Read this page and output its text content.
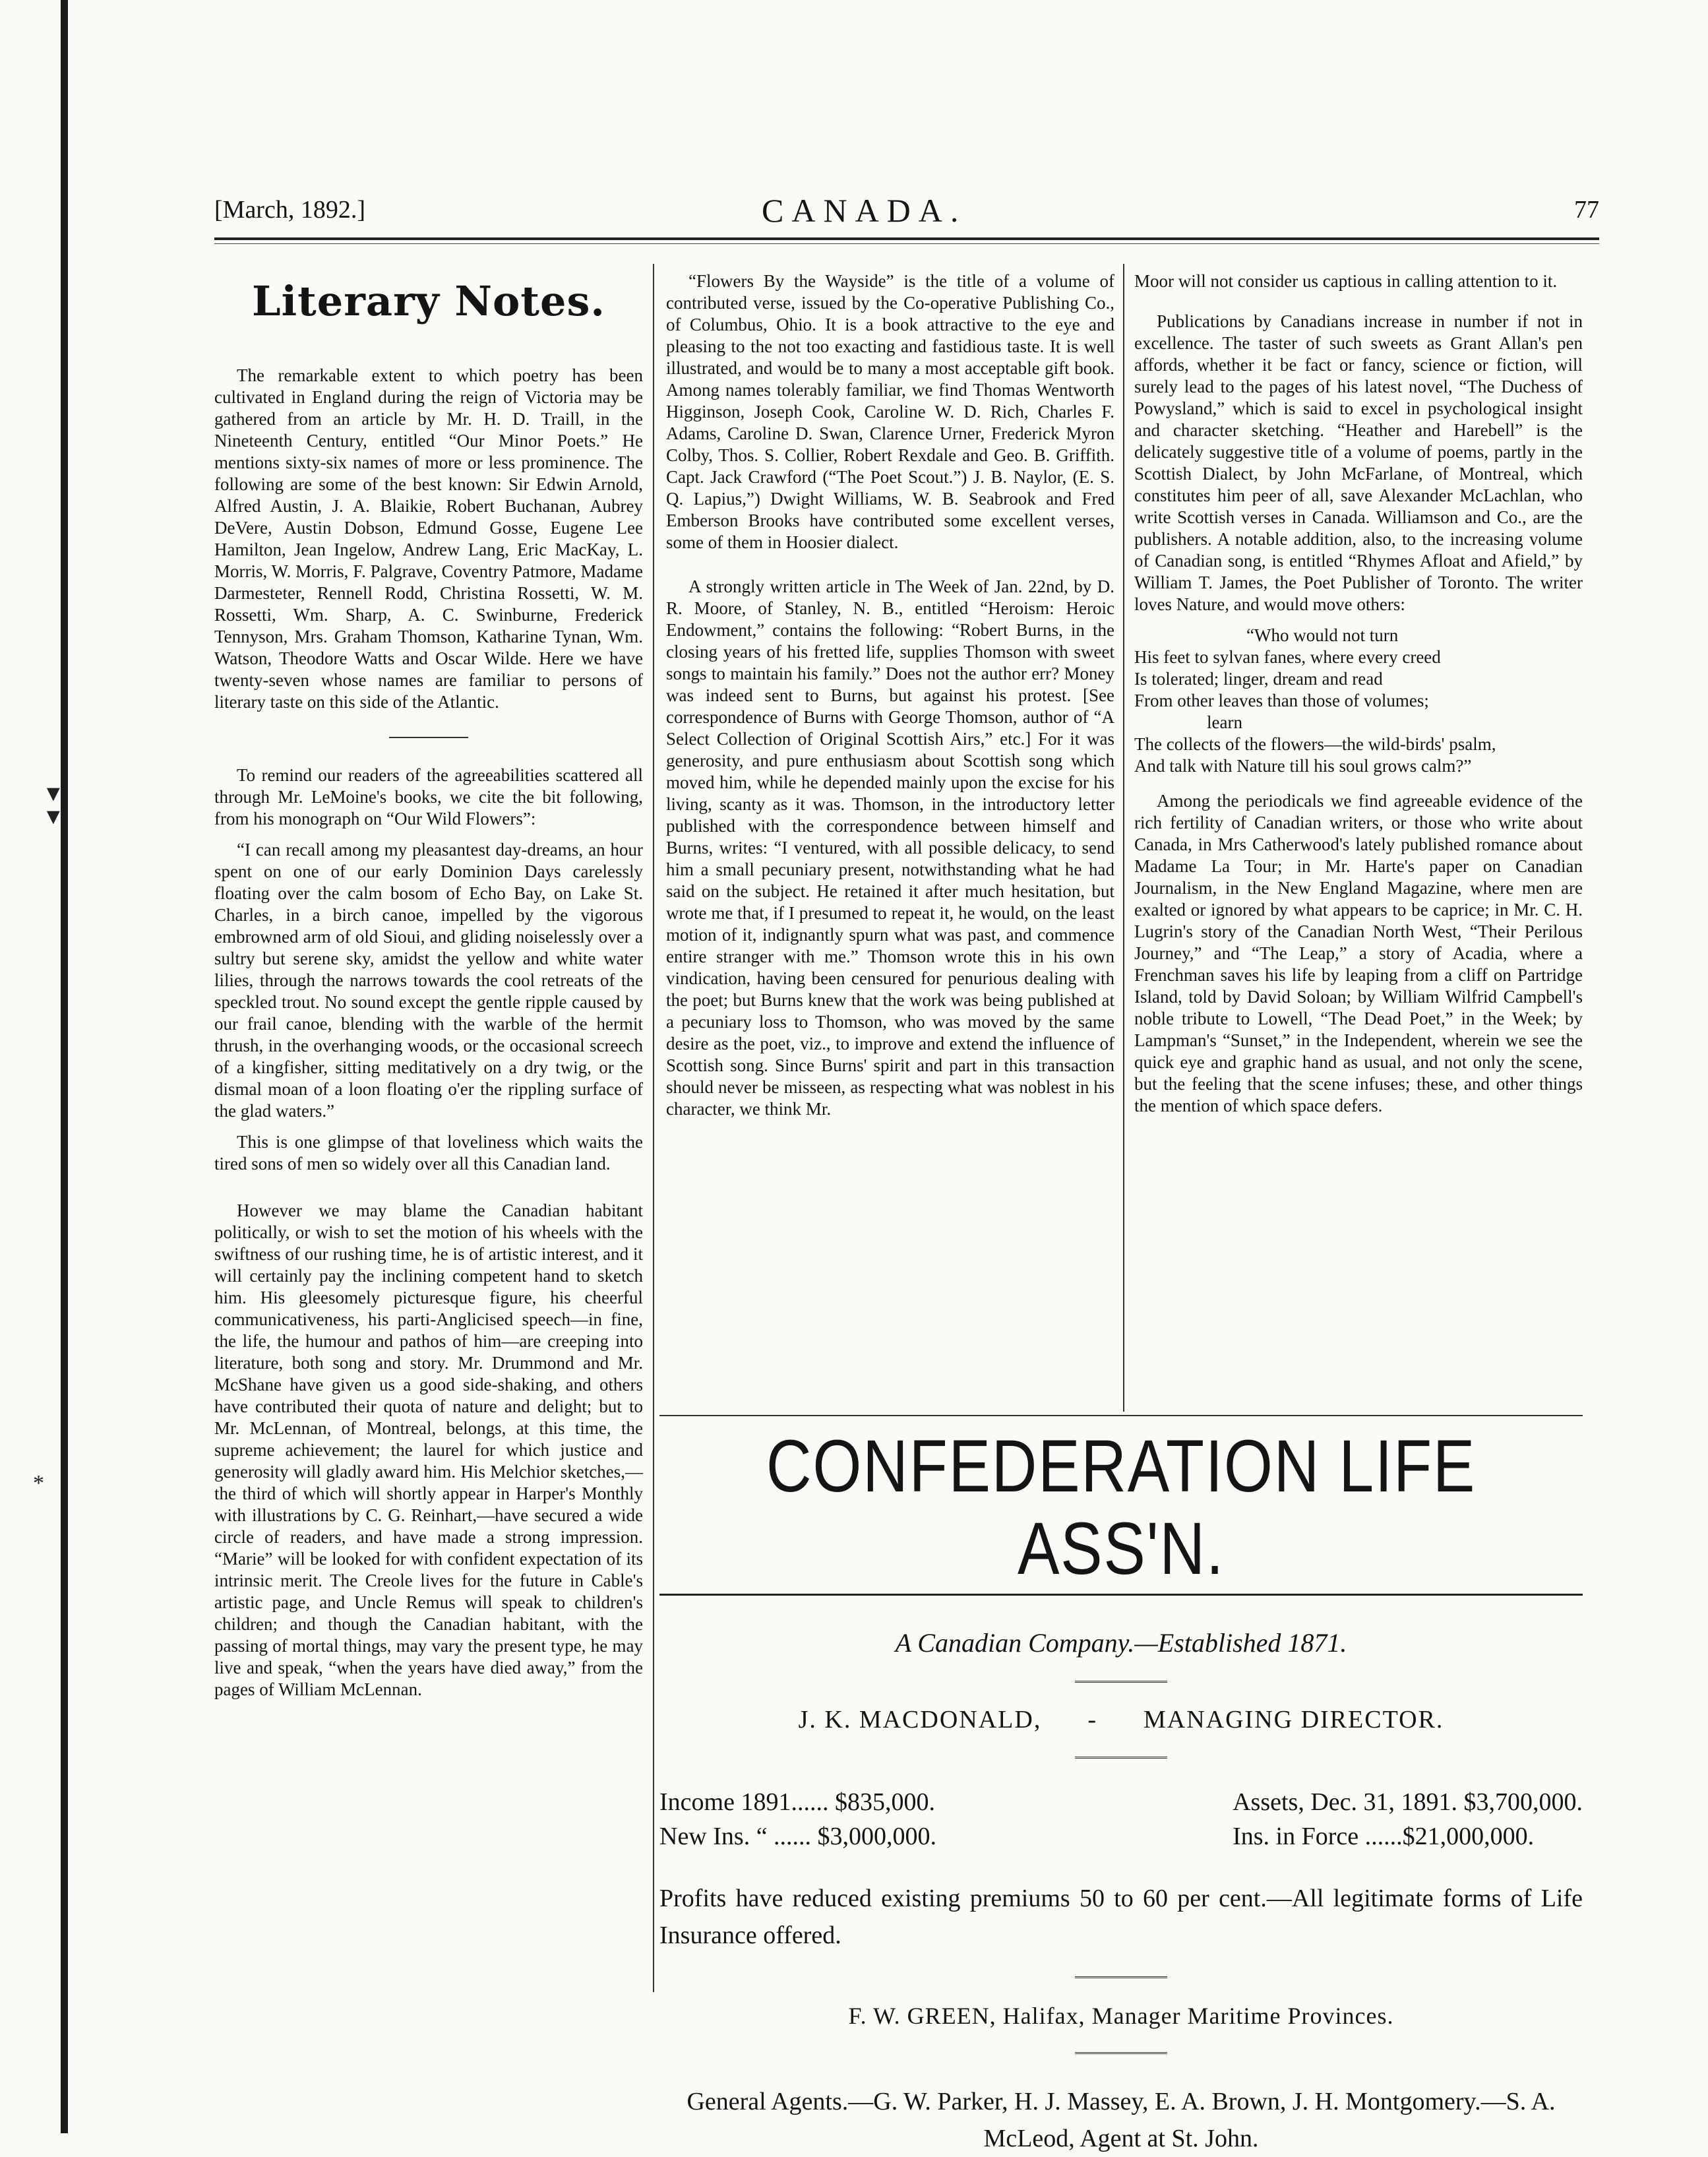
▼
▼
*
[March, 1892.]	CANADA.	77
Literary Notes.

The remarkable extent to which poetry has been cultivated in England during the reign of Victoria may be gathered from an article by Mr. H. D. Traill, in the Nineteenth Century, entitled “Our Minor Poets.” He mentions sixty-six names of more or less prominence. The following are some of the best known: Sir Edwin Arnold, Alfred Austin, J. A. Blaikie, Robert Buchanan, Aubrey DeVere, Austin Dobson, Edmund Gosse, Eugene Lee Hamilton, Jean Ingelow, Andrew Lang, Eric MacKay, L. Morris, W. Morris, F. Palgrave, Coventry Patmore, Madame Darmesteter, Rennell Rodd, Christina Rossetti, W. M. Rossetti, Wm. Sharp, A. C. Swinburne, Frederick Tennyson, Mrs. Graham Thomson, Katharine Tynan, Wm. Watson, Theodore Watts and Oscar Wilde. Here we have twenty-seven whose names are familiar to persons of literary taste on this side of the Atlantic.

To remind our readers of the agreeabilities scattered all through Mr. LeMoine's books, we cite the bit following, from his monograph on “Our Wild Flowers”:

“I can recall among my pleasantest day-dreams, an hour spent on one of our early Dominion Days carelessly floating over the calm bosom of Echo Bay, on Lake St. Charles, in a birch canoe, impelled by the vigorous embrowned arm of old Sioui, and gliding noiselessly over a sultry but serene sky, amidst the yellow and white water lilies, through the narrows towards the cool retreats of the speckled trout. No sound except the gentle ripple caused by our frail canoe, blending with the warble of the hermit thrush, in the overhanging woods, or the occasional screech of a kingfisher, sitting meditatively on a dry twig, or the dismal moan of a loon floating o'er the rippling surface of the glad waters.”

This is one glimpse of that loveliness which waits the tired sons of men so widely over all this Canadian land.

However we may blame the Canadian habitant politically, or wish to set the motion of his wheels with the swiftness of our rushing time, he is of artistic interest, and it will certainly pay the inclining competent hand to sketch him. His gleesomely picturesque figure, his cheerful communicativeness, his parti-Anglicised speech—in fine, the life, the humour and pathos of him—are creeping into literature, both song and story. Mr. Drummond and Mr. McShane have given us a good side-shaking, and others have contributed their quota of nature and delight; but to Mr. McLennan, of Montreal, belongs, at this time, the supreme achievement; the laurel for which justice and generosity will gladly award him. His Melchior sketches,—the third of which will shortly appear in Harper's Monthly with illustrations by C. G. Reinhart,—have secured a wide circle of readers, and have made a strong impression. “Marie” will be looked for with confident expectation of its intrinsic merit. The Creole lives for the future in Cable's artistic page, and Uncle Remus will speak to children's children; and though the Canadian habitant, with the passing of mortal things, may vary the present type, he may live and speak, “when the years have died away,” from the pages of William McLennan.

“Flowers By the Wayside” is the title of a volume of contributed verse, issued by the Co-operative Publishing Co., of Columbus, Ohio. It is a book attractive to the eye and pleasing to the not too exacting and fastidious taste. It is well illustrated, and would be to many a most acceptable gift book. Among names tolerably familiar, we find Thomas Wentworth Higginson, Joseph Cook, Caroline W. D. Rich, Charles F. Adams, Caroline D. Swan, Clarence Urner, Frederick Myron Colby, Thos. S. Collier, Robert Rexdale and Geo. B. Griffith. Capt. Jack Crawford (“The Poet Scout.”) J. B. Naylor, (E. S. Q. Lapius,”) Dwight Williams, W. B. Seabrook and Fred Emberson Brooks have contributed some excellent verses, some of them in Hoosier dialect.

A strongly written article in The Week of Jan. 22nd, by D. R. Moore, of Stanley, N. B., entitled “Heroism: Heroic Endowment,” contains the following: “Robert Burns, in the closing years of his fretted life, supplies Thomson with sweet songs to maintain his family.” Does not the author err? Money was indeed sent to Burns, but against his protest. [See correspondence of Burns with George Thomson, author of “A Select Collection of Original Scottish Airs,” etc.] For it was generosity, and pure enthusiasm about Scottish song which moved him, while he depended mainly upon the excise for his living, scanty as it was. Thomson, in the introductory letter published with the correspondence between himself and Burns, writes: “I ventured, with all possible delicacy, to send him a small pecuniary present, notwithstanding what he had said on the subject. He retained it after much hesitation, but wrote me that, if I presumed to repeat it, he would, on the least motion of it, indignantly spurn what was past, and commence entire stranger with me.” Thomson wrote this in his own vindication, having been censured for penurious dealing with the poet; but Burns knew that the work was being published at a pecuniary loss to Thomson, who was moved by the same desire as the poet, viz., to improve and extend the influence of Scottish song. Since Burns' spirit and part in this transaction should never be misseen, as respecting what was noblest in his character, we think Mr.

Moor will not consider us captious in calling attention to it.

Publications by Canadians increase in number if not in excellence. The taster of such sweets as Grant Allan's pen affords, whether it be fact or fancy, science or fiction, will surely lead to the pages of his latest novel, “The Duchess of Powysland,” which is said to excel in psychological insight and character sketching. “Heather and Harebell” is the delicately suggestive title of a volume of poems, partly in the Scottish Dialect, by John McFarlane, of Montreal, which constitutes him peer of all, save Alexander McLachlan, who write Scottish verses in Canada. Williamson and Co., are the publishers. A notable addition, also, to the increasing volume of Canadian song, is entitled “Rhymes Afloat and Afield,” by William T. James, the Poet Publisher of Toronto. The writer loves Nature, and would move others:

“Who would not turn

His feet to sylvan fanes, where every creed

Is tolerated; linger, dream and read

From other leaves than those of volumes;

learn

The collects of the flowers—the wild-birds' psalm,

And talk with Nature till his soul grows calm?”

Among the periodicals we find agreeable evidence of the rich fertility of Canadian writers, or those who write about Canada, in Mrs Catherwood's lately published romance about Madame La Tour; in Mr. Harte's paper on Canadian Journalism, in the New England Magazine, where men are exalted or ignored by what appears to be caprice; in Mr. C. H. Lugrin's story of the Canadian North West, “Their Perilous Journey,” and “The Leap,” a story of Acadia, where a Frenchman saves his life by leaping from a cliff on Partridge Island, told by David Soloan; by William Wilfrid Campbell's noble tribute to Lowell, “The Dead Poet,” in the Week; by Lampman's “Sunset,” in the Independent, wherein we see the quick eye and graphic hand as usual, and not only the scene, but the feeling that the scene infuses; these, and other things the mention of which space defers.

CONFEDERATION LIFE ASS'N.

A Canadian Company.—Established 1871.

J. K. MACDONALD, - MANAGING DIRECTOR.
Income 1891...... $835,000.
New Ins. “ ...... $3,000,000.
Assets, Dec. 31, 1891. $3,700,000.
Ins. in Force ......$21,000,000.

Profits have reduced existing premiums 50 to 60 per cent.—All legitimate forms of Life Insurance offered.

F. W. GREEN, Halifax, Manager Maritime Provinces.

General Agents.—G. W. Parker, H. J. Massey, E. A. Brown, J. H. Montgomery.—S. A. McLeod, Agent at St. John.
